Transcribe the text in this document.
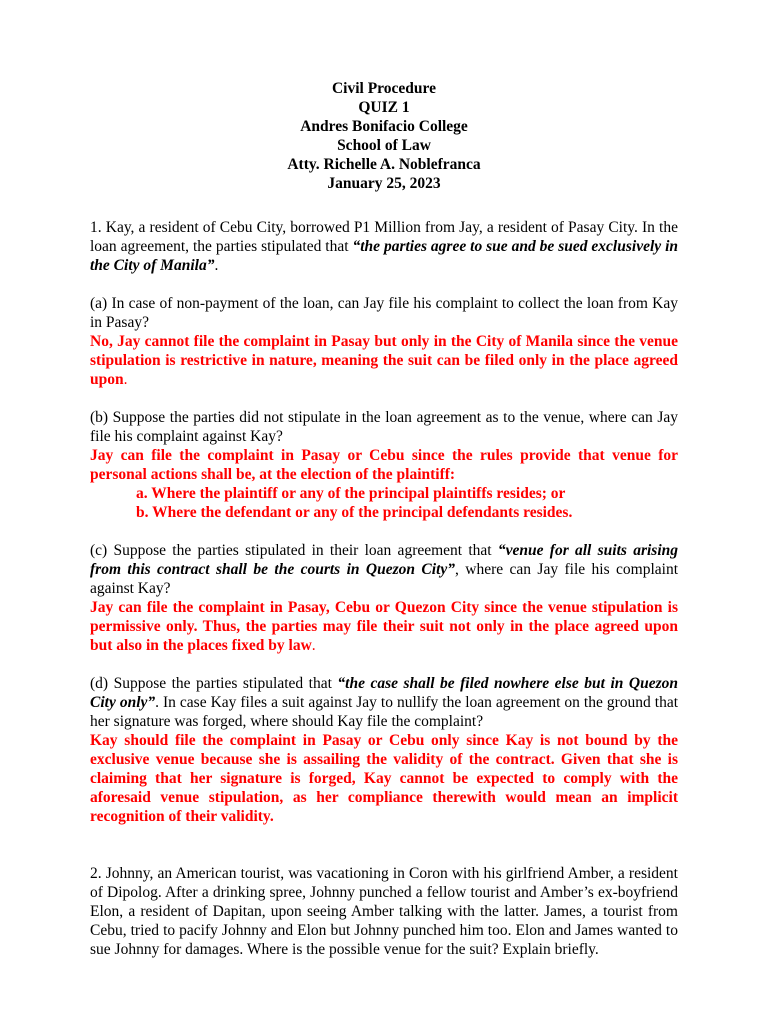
Civil Procedure
QUIZ 1
Andres Bonifacio College
School of Law
Atty. Richelle A. Noblefranca
January 25, 2023

1. Kay, a resident of Cebu City, borrowed P1 Million from Jay, a resident of Pasay City. In the loan agreement, the parties stipulated that “the parties agree to sue and be sued exclusively in the City of Manila”.

(a) In case of non-payment of the loan, can Jay file his complaint to collect the loan from Kay in Pasay?

No, Jay cannot file the complaint in Pasay but only in the City of Manila since the venue stipulation is restrictive in nature, meaning the suit can be filed only in the place agreed upon.

(b) Suppose the parties did not stipulate in the loan agreement as to the venue, where can Jay file his complaint against Kay?

Jay can file the complaint in Pasay or Cebu since the rules provide that venue for personal actions shall be, at the election of the plaintiff:

a. Where the plaintiff or any of the principal plaintiffs resides; or

b. Where the defendant or any of the principal defendants resides.

(c) Suppose the parties stipulated in their loan agreement that “venue for all suits arising from this contract shall be the courts in Quezon City”, where can Jay file his complaint against Kay?

Jay can file the complaint in Pasay, Cebu or Quezon City since the venue stipulation is permissive only. Thus, the parties may file their suit not only in the place agreed upon but also in the places fixed by law.

(d) Suppose the parties stipulated that “the case shall be filed nowhere else but in Quezon City only”. In case Kay files a suit against Jay to nullify the loan agreement on the ground that her signature was forged, where should Kay file the complaint?

Kay should file the complaint in Pasay or Cebu only since Kay is not bound by the exclusive venue because she is assailing the validity of the contract. Given that she is claiming that her signature is forged, Kay cannot be expected to comply with the aforesaid venue stipulation, as her compliance therewith would mean an implicit recognition of their validity.

2. Johnny, an American tourist, was vacationing in Coron with his girlfriend Amber, a resident of Dipolog. After a drinking spree, Johnny punched a fellow tourist and Amber’s ex-boyfriend Elon, a resident of Dapitan, upon seeing Amber talking with the latter. James, a tourist from Cebu, tried to pacify Johnny and Elon but Johnny punched him too. Elon and James wanted to sue Johnny for damages. Where is the possible venue for the suit? Explain briefly.
